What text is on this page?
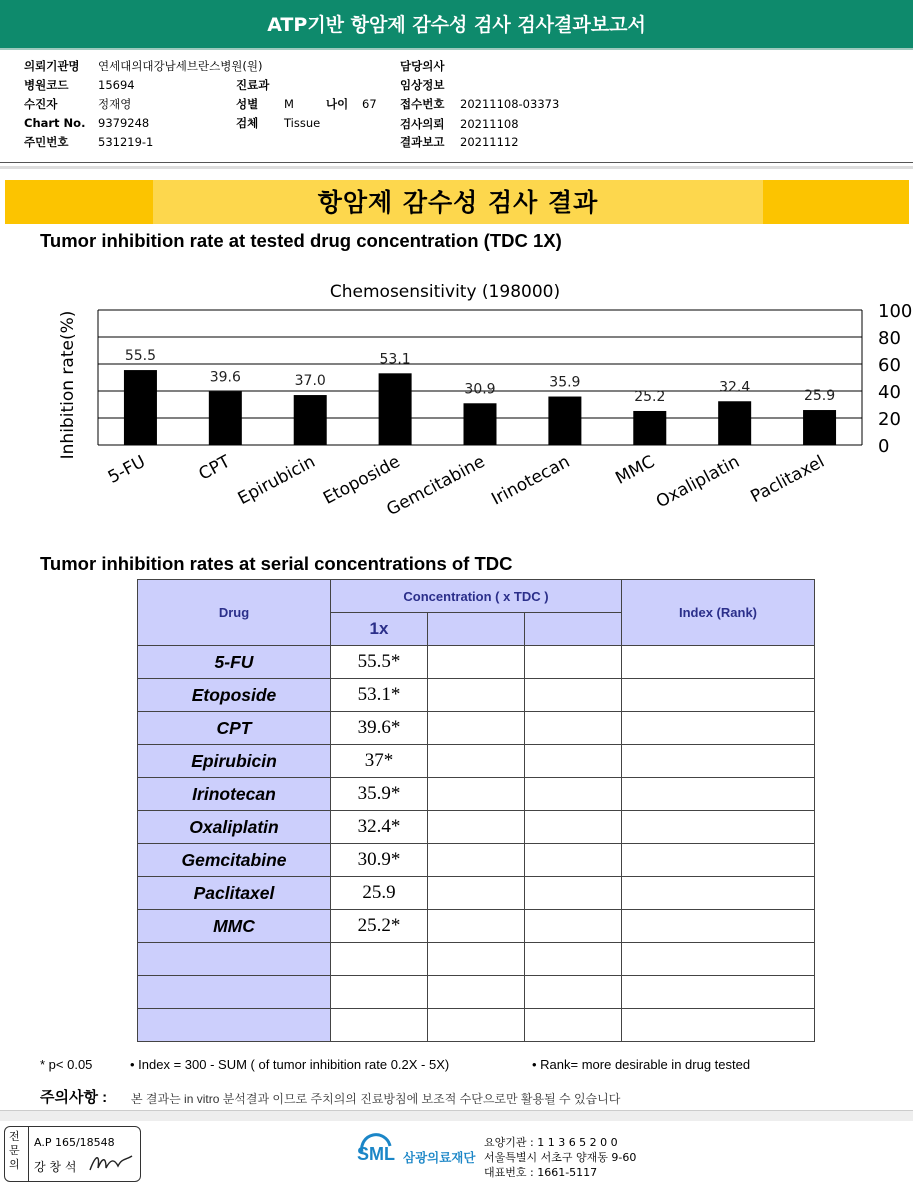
ATP기반 항암제 감수성 검사 검사결과보고서
의뢰기관명 연세대의대강남세브란스병원(원)
병원코드	15694
수진자	정재영
Chart No. 9379248
주민번호	531219-1
진료과
성별 M	나이 67
검체 Tissue
담당의사
임상정보
접수번호 20211108-03373
검사의뢰 20211108
결과보고 20211112
항암제 감수성 검사 결과
Tumor inhibition rate at tested drug concentration (TDC 1X)
Chemosensitivity (198000)
Inhibition rate(%)	55.5
39.6	37.0
53.1
30.9	35.9
25.2
32.4
25.9
0
20
40
60
80
100
5-FU	CPT Epirubicin Etoposide
Gemcitabine Irinotecan MMC
Oxaliplatin Paclitaxel
Tumor inhibition rates at serial concentrations of TDC
Drug	Concentration ( x TDC )			Index (Rank)
	1x			
5-FU	55.5*			
Etoposide	53.1*			
CPT	39.6*			
Epirubicin	37*			
Irinotecan	35.9*			
Oxaliplatin	32.4*			
Gemcitabine	30.9*			
Paclitaxel	25.9			
MMC	25.2*			

* p< 0.05	• Index = 300 - SUM ( of tumor inhibition rate 0.2X - 5X)	• Rank= more desirable in drug tested
주의사항 : 본 결과는 in vitro 분석결과 이므로 주치의의 진료방침에 보조적 수단으로만 활용될 수 있습니다
전문의
A.P 165/18548
강 창 석
SML 삼광의료재단
요양기관 : 1 1 3 6 5 2 0 0
서울특별시 서초구 양재동 9-60
대표번호 : 1661-5117
